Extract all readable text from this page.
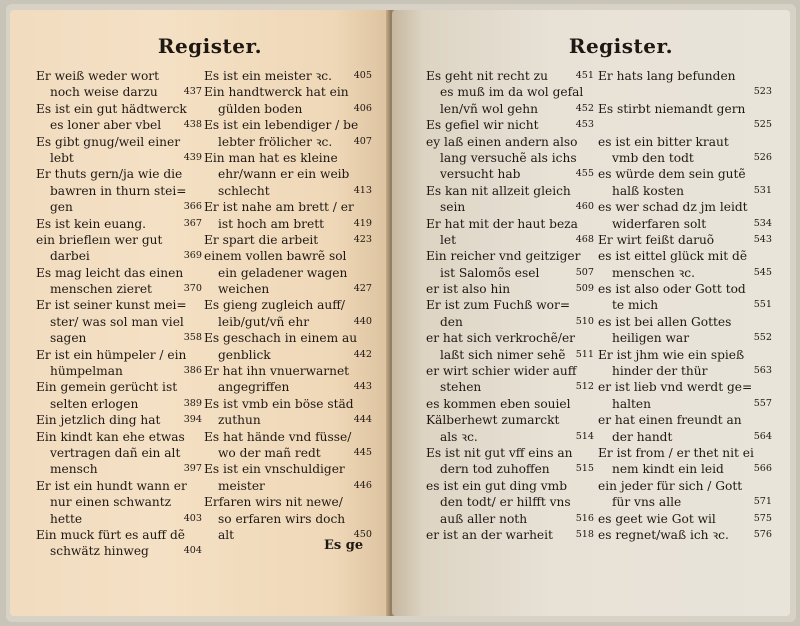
Register.
Er weiß weder wort
noch weise darzu	437
Es ist ein gut hädtwerck
es loner aber vbel 438
Es gibt gnug/weil einer
lebt	439
Er thuts gern/ja wie die
bawren in thurn stei=
gen	366
Es ist kein euang.	367
ein briefleın wer gut
darbei	369
Es mag leicht das einen
menschen zieret	370
Er ist seiner kunst mei=
ster/ was sol man viel
sagen	358
Er ist ein hümpeler / ein
hümpelman	386
Ein gemein gerücht ist
selten erlogen	389
Ein jetzlich ding hat 394
Ein kindt kan ehe etwas
vertragen dañ ein alt
mensch	397
Er ist ein hundt wann er
nur einen schwantz
hette	403
Ein muck fürt es auff dẽ
schwätz hinweg	404
Es ist ein meister ꝛc. 405
Ein handtwerck hat ein
gülden boden	406
Es ist ein lebendiger / be
lebter frölicher ꝛc. 407
Ein man hat es kleine
ehr/wann er ein weib
schlecht	413
Er ist nahe am brett / er
ist hoch am brett	419
Er spart die arbeit	423
einem vollen bawrẽ sol
ein geladener wagen
weichen	427
Es gieng zugleich auff/
leib/gut/vñ ehr	440
Es geschach in einem au
genblick	442
Er hat ihn vnuerwarnet
angegriffen	443
Es ist vmb ein böse städ
zuthun	444
Es hat hände vnd füsse/
wo der mañ redt	445
Es ist ein vnschuldiger
meister	446
Erfaren wirs nit newe/
so erfaren wirs doch
alt	450
Es ge
Register.
Es geht nit recht zu	451
es muß im da wol gefal
len/vñ wol gehn	452
Es gefiel wir nicht	453
ey laß einen andern also
lang versuchẽ als ichs
versucht hab	455
Es kan nit allzeit gleich
sein	460
Er hat mit der haut beza
let	468
Ein reicher vnd geitziger
ist Salomõs esel	507
er ist also hin	509
Er ist zum Fuchß wor=
den	510
er hat sich verkrochẽ/er
laßt sich nimer sehẽ 511
er wirt schier wider auff
stehen	512
es kommen eben souiel
Kälberhewt zumarckt
als ꝛc.	514
Es ist nit gut vff eins an
dern tod zuhoffen	515
es ist ein gut ding vmb
den todt/ er hilfft vns
auß aller noth	516
er ist an der warheit 518
Er hats lang befunden
523
Es stirbt niemandt gern
525
es ist ein bitter kraut
vmb den todt	526
es würde dem sein gutẽ
halß kosten	531
es wer schad dz jm leidt
widerfaren solt	534
Er wirt feißt daruõ	543
es ist eittel glück mit dẽ
menschen ꝛc.	545
es ist also oder Gott tod
te mich	551
es ist bei allen Gottes
heiligen war	552
Er ist jhm wie ein spieß
hinder der thür	563
er ist lieb vnd werdt ge=
halten	557
er hat einen freundt an
der handt	564
Er ist from / er thet nit ei
nem kindt ein leid	566
ein jeder für sich / Gott
für vns alle	571
es geet wie Got wil	575
es regnet/waß ich ꝛc.	576
